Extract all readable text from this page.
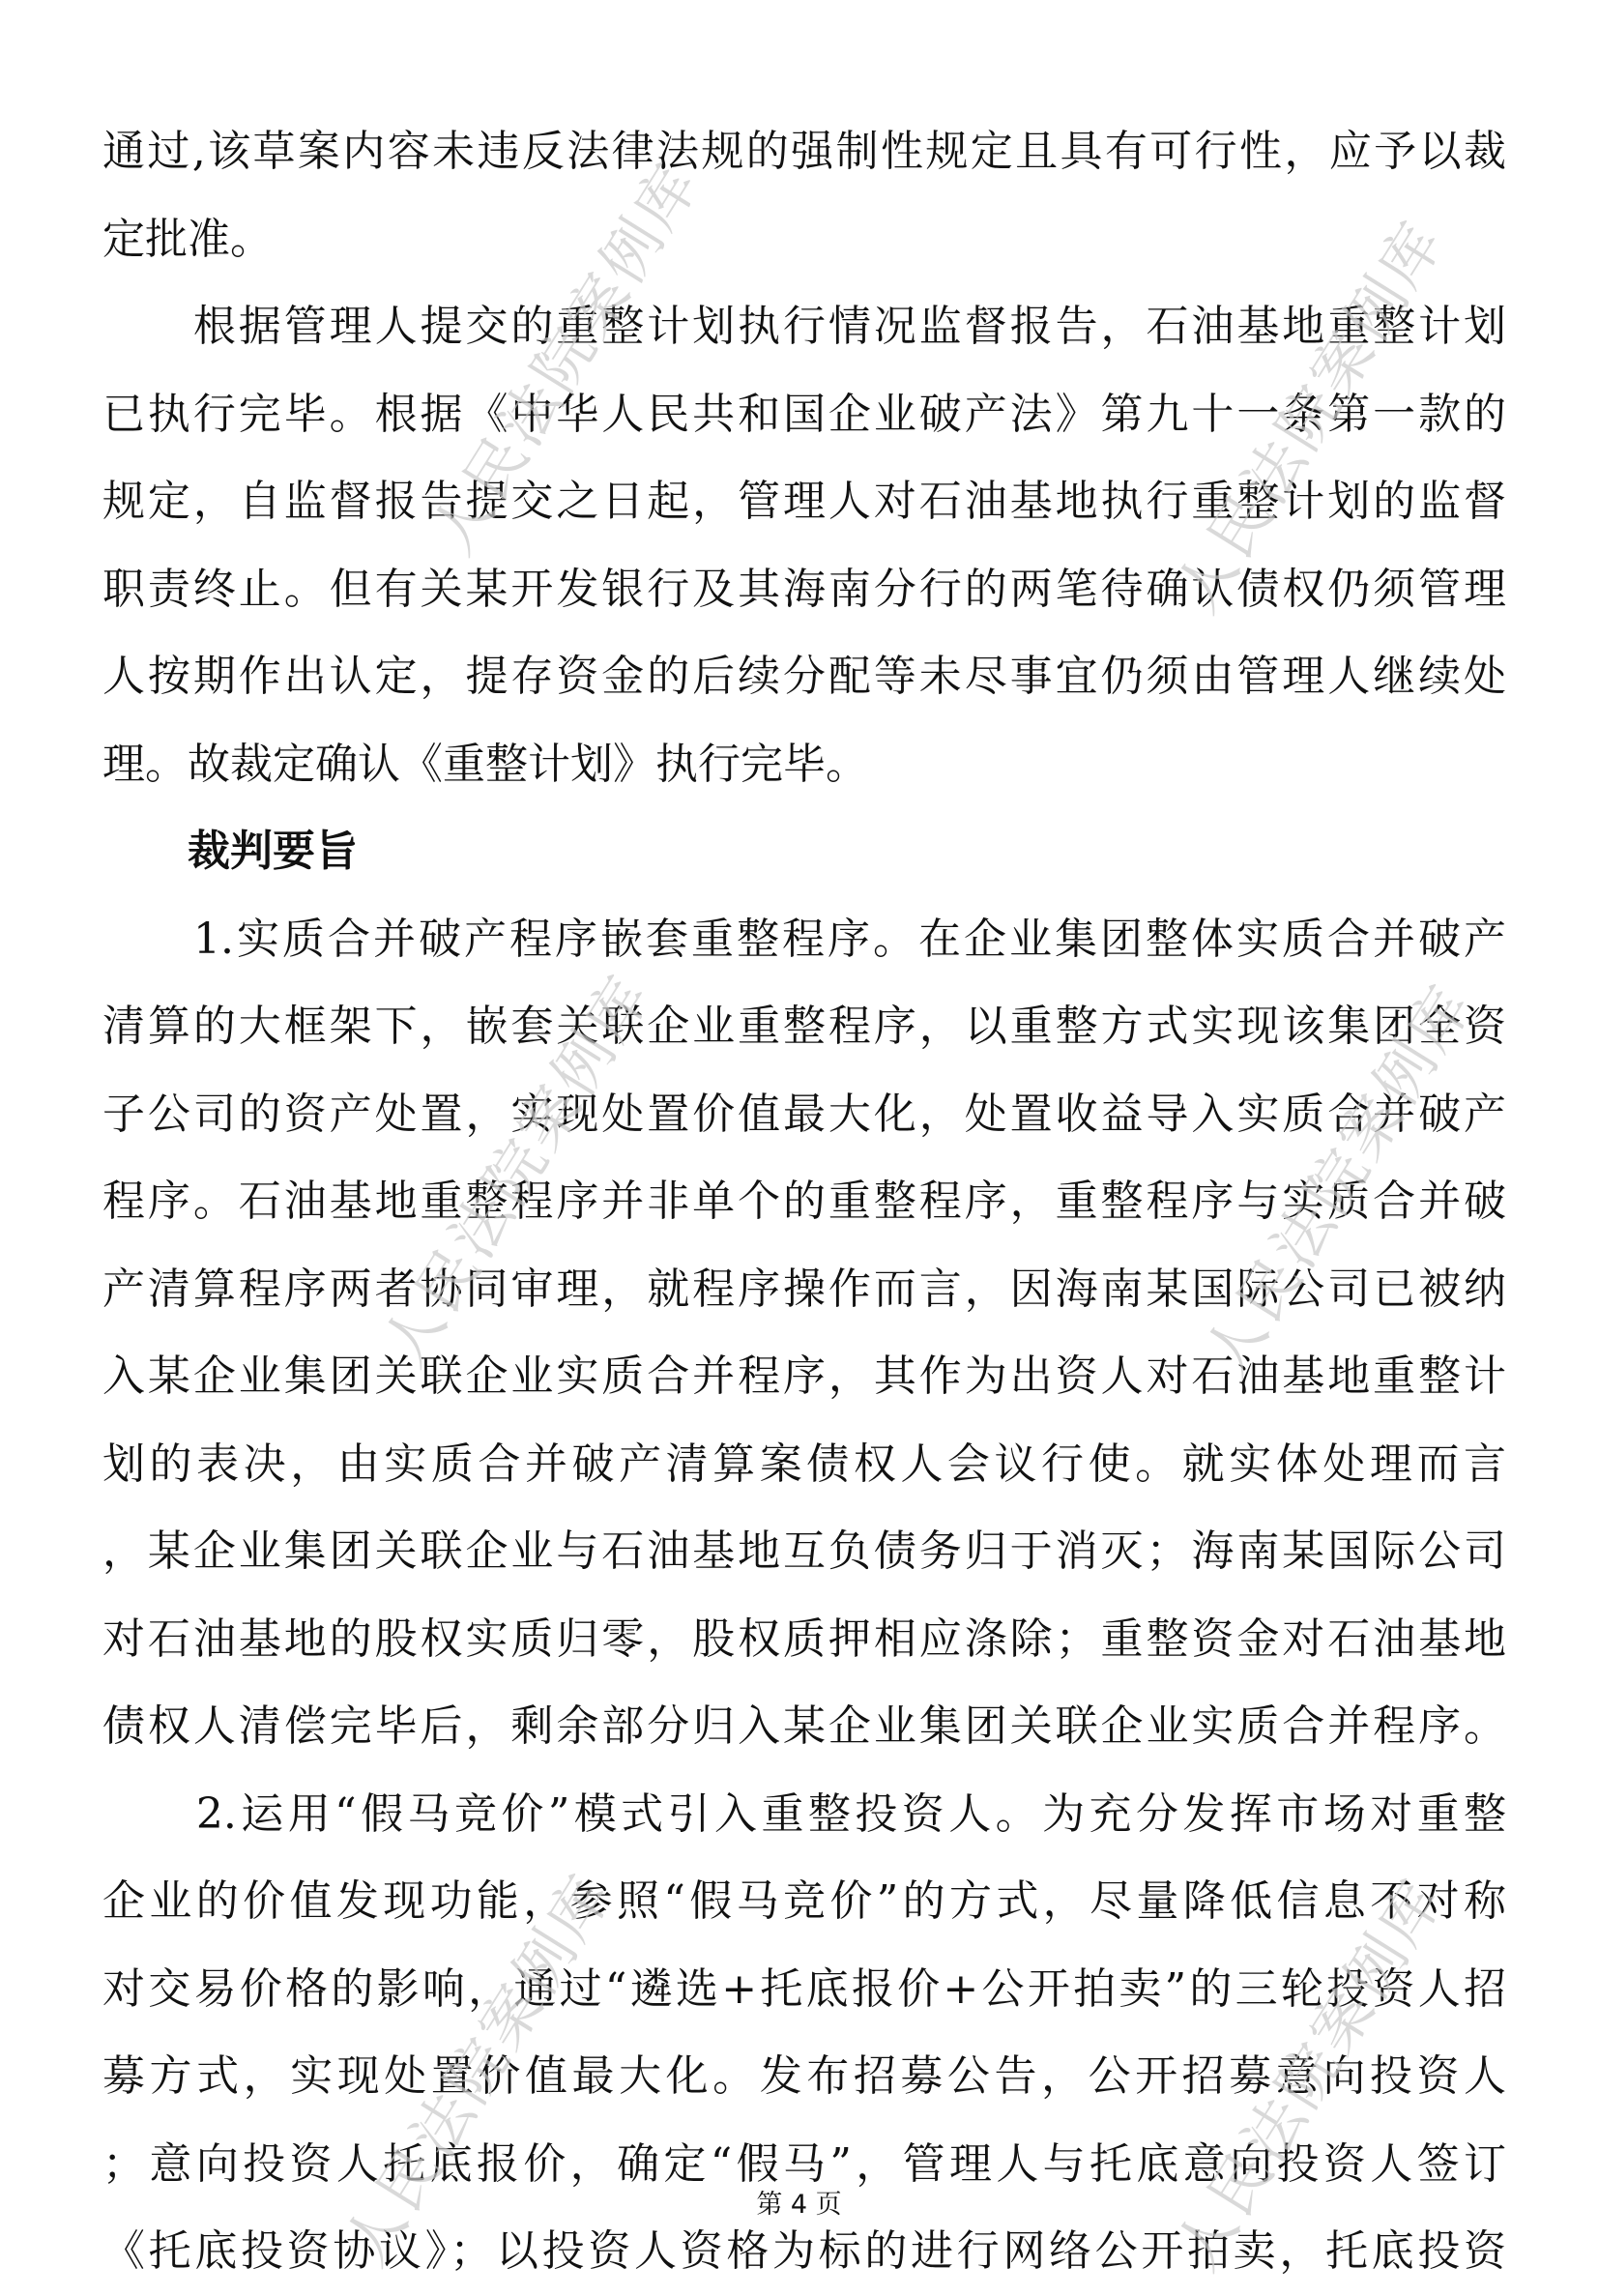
通过,该草案内容未违反法律法规的强制性规定且具有可行性，应予以裁
定批准。
　　根据管理人提交的重整计划执行情况监督报告，石油基地重整计划
已执行完毕。根据《中华人民共和国企业破产法》第九十一条第一款的
规定，自监督报告提交之日起，管理人对石油基地执行重整计划的监督
职责终止。但有关某开发银行及其海南分行的两笔待确认债权仍须管理
人按期作出认定，提存资金的后续分配等未尽事宜仍须由管理人继续处
理。故裁定确认《重整计划》执行完毕。
裁判要旨
　　1.实质合并破产程序嵌套重整程序。在企业集团整体实质合并破产
清算的大框架下，嵌套关联企业重整程序，以重整方式实现该集团全资
子公司的资产处置，实现处置价值最大化，处置收益导入实质合并破产
程序。石油基地重整程序并非单个的重整程序，重整程序与实质合并破
产清算程序两者协同审理，就程序操作而言，因海南某国际公司已被纳
入某企业集团关联企业实质合并程序，其作为出资人对石油基地重整计
划的表决，由实质合并破产清算案债权人会议行使。就实体处理而言
，某企业集团关联企业与石油基地互负债务归于消灭；海南某国际公司
对石油基地的股权实质归零，股权质押相应涤除；重整资金对石油基地
债权人清偿完毕后，剩余部分归入某企业集团关联企业实质合并程序。
　　2.运用“假马竞价”模式引入重整投资人。为充分发挥市场对重整
企业的价值发现功能，参照“假马竞价”的方式，尽量降低信息不对称
对交易价格的影响，通过“遴选+托底报价+公开拍卖”的三轮投资人招
募方式，实现处置价值最大化。发布招募公告，公开招募意向投资人
；意向投资人托底报价，确定“假马”，管理人与托底意向投资人签订
《托底投资协议》；以投资人资格为标的进行网络公开拍卖，托底投资
人民法院案例库	人民法院案例库
人民法院案例库	人民法院案例库
人民法院案例库	人民法院案例库
第 4 页
